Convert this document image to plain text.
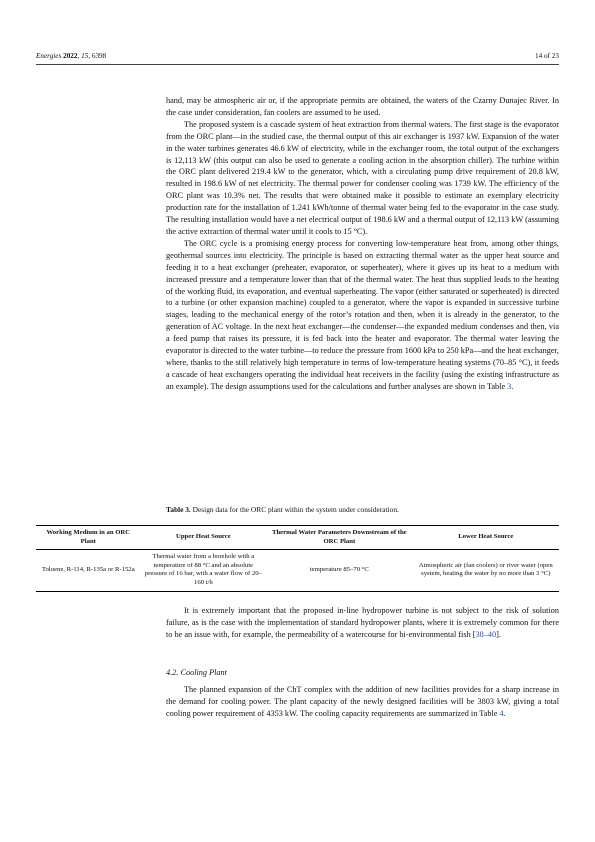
Energies 2022, 15, 6398	14 of 23

hand, may be atmospheric air or, if the appropriate permits are obtained, the waters of the Czarny Dunajec River. In the case under consideration, fan coolers are assumed to be used.

The proposed system is a cascade system of heat extraction from thermal waters. The first stage is the evaporator from the ORC plant—in the studied case, the thermal output of this air exchanger is 1937 kW. Expansion of the water in the water turbines generates 46.6 kW of electricity, while in the exchanger room, the total output of the exchangers is 12,113 kW (this output can also be used to generate a cooling action in the absorption chiller). The turbine within the ORC plant delivered 219.4 kW to the generator, which, with a circulating pump drive requirement of 20.8 kW, resulted in 198.6 kW of net electricity. The thermal power for condenser cooling was 1739 kW. The efficiency of the ORC plant was 10.3% net. The results that were obtained make it possible to estimate an exemplary electricity production rate for the installation of 1.241 kWh/tonne of thermal water being fed to the evaporator in the case study. The resulting installation would have a net electrical output of 198.6 kW and a thermal output of 12,113 kW (assuming the active extraction of thermal water until it cools to 15 °C).

The ORC cycle is a promising energy process for converting low-temperature heat from, among other things, geothermal sources into electricity. The principle is based on extracting thermal water as the upper heat source and feeding it to a heat exchanger (preheater, evaporator, or superheater), where it gives up its heat to a medium with increased pressure and a temperature lower than that of the thermal water. The heat thus supplied leads to the heating of the working fluid, its evaporation, and eventual superheating. The vapor (either saturated or superheated) is directed to a turbine (or other expansion machine) coupled to a generator, where the vapor is expanded in successive turbine stages, leading to the mechanical energy of the rotor’s rotation and then, when it is already in the generator, to the generation of AC voltage. In the next heat exchanger—the condenser—the expanded medium condenses and then, via a feed pump that raises its pressure, it is fed back into the heater and evaporator. The thermal water leaving the evaporator is directed to the water turbine—to reduce the pressure from 1600 kPa to 250 kPa—and the heat exchanger, where, thanks to the still relatively high temperature in terms of low-temperature heating systems (70–85 °C), it feeds a cascade of heat exchangers operating the individual heat receivers in the facility (using the existing infrastructure as an example). The design assumptions used for the calculations and further analyses are shown in Table 3.

Table 3. Design data for the ORC plant within the system under consideration.
Working Medium in an ORC Plant	Upper Heat Source	Thermal Water Parameters Downstream of the ORC Plant	Lower Heat Source
Toluene, R-114, R-135a or R-152a	Thermal water from a borehole with a temperature of 88 °C and an absolute pressure of 16 bar, with a water flow of 20–160 t/h	temperature 85–70 °C	Atmospheric air (fan coolers) or river water (open system, heating the water by no more than 3 °C)

It is extremely important that the proposed in-line hydropower turbine is not subject to the risk of solution failure, as is the case with the implementation of standard hydropower plants, where it is extremely common for there to be an issue with, for example, the permeability of a watercourse for bi-environmental fish [38–40].

4.2. Cooling Plant

The planned expansion of the ChT complex with the addition of new facilities provides for a sharp increase in the demand for cooling power. The plant capacity of the newly designed facilities will be 3803 kW, giving a total cooling power requirement of 4353 kW. The cooling capacity requirements are summarized in Table 4.
